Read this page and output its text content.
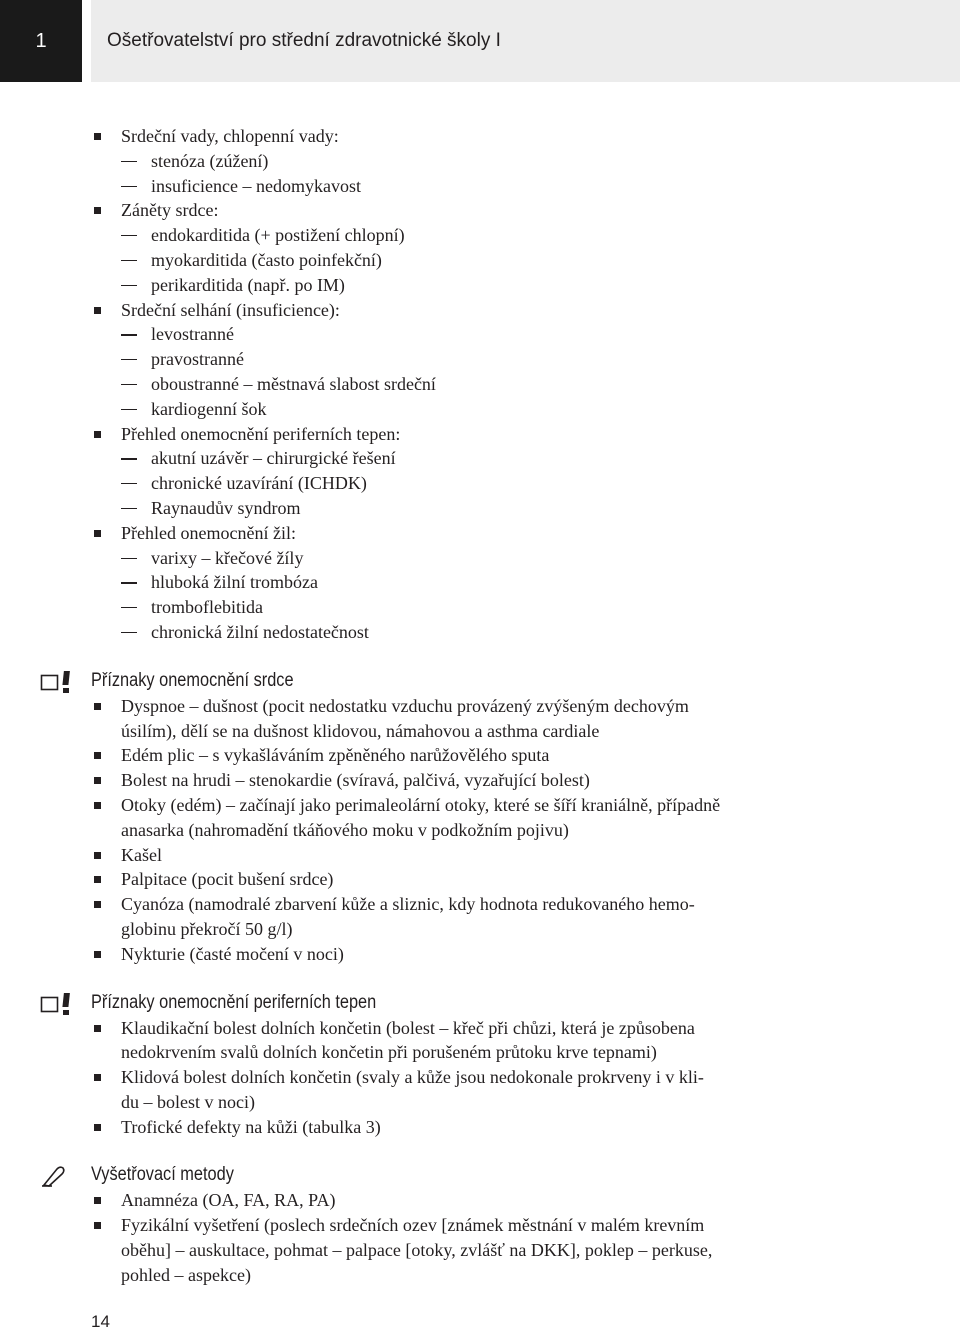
1	Ošetřovatelství pro střední zdravotnické školy I
Srdeční vady, chlopenní vady:
stenóza (zúžení)
insuficience – nedomykavost
Záněty srdce:
endokarditida (+ postižení chlopní)
myokarditida (často poinfekční)
perikarditida (např. po IM)
Srdeční selhání (insuficience):
levostranné
pravostranné
oboustranné – městnavá slabost srdeční
kardiogenní šok
Přehled onemocnění periferních tepen:
akutní uzávěr – chirurgické řešení
chronické uzavírání (ICHDK)
Raynaudův syndrom
Přehled onemocnění žil:
varixy – křečové žíly
hluboká žilní trombóza
tromboflebitida
chronická žilní nedostatečnost
Příznaky onemocnění srdce
Dyspnoe – dušnost (pocit nedostatku vzduchu provázený zvýšeným dechovým
úsilím), dělí se na dušnost klidovou, námahovou a asthma cardiale
Edém plic – s vykašláváním zpěněného narůžovělého sputa
Bolest na hrudi – stenokardie (svíravá, palčivá, vyzařující bolest)
Otoky (edém) – začínají jako perimaleolární otoky, které se šíří kraniálně, případně
anasarka (nahromadění tkáňového moku v podkožním pojivu)
Kašel
Palpitace (pocit bušení srdce)
Cyanóza (namodralé zbarvení kůže a sliznic, kdy hodnota redukovaného hemo-
globinu překročí 50 g/l)
Nykturie (časté močení v noci)
Příznaky onemocnění periferních tepen
Klaudikační bolest dolních končetin (bolest – křeč při chůzi, která je způsobena
nedokrvením svalů dolních končetin při porušeném průtoku krve tepnami)
Klidová bolest dolních končetin (svaly a kůže jsou nedokonale prokrveny i v kli-
du – bolest v noci)
Trofické defekty na kůži (tabulka 3)
Vyšetřovací metody
Anamnéza (OA, FA, RA, PA)
Fyzikální vyšetření (poslech srdečních ozev [známek městnání v malém krevním
oběhu] – auskultace, pohmat – palpace [otoky, zvlášť na DKK], poklep – perkuse,
pohled – aspekce)
14
